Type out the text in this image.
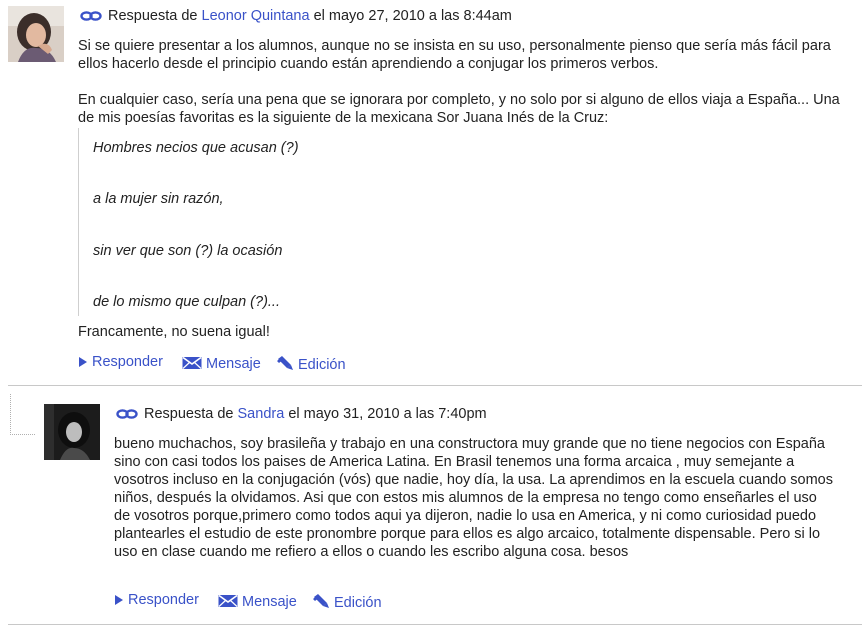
Respuesta de Leonor Quintana el mayo 27, 2010 a las 8:44am
Si se quiere presentar a los alumnos, aunque no se insista en su uso, personalmente pienso que sería más fácil para ellos hacerlo desde el principio cuando están aprendiendo a conjugar los primeros verbos.
En cualquier caso, sería una pena que se ignorara por completo, y no solo por si alguno de ellos viaja a España... Una de mis poesías favoritas es la siguiente de la mexicana Sor Juana Inés de la Cruz:
Hombres necios que acusan (?)
a la mujer sin razón,
sin ver que son (?) la ocasión
de lo mismo que culpan (?)...
Francamente, no suena igual!
Responder	Mensaje	Edición
Respuesta de Sandra el mayo 31, 2010 a las 7:40pm
bueno muchachos, soy brasileña y trabajo en una constructora muy grande que no tiene negocios con España sino con casi todos los paises de America Latina. En Brasil tenemos una forma arcaica , muy semejante a vosotros incluso en la conjugación (vós) que nadie, hoy día, la usa. La aprendimos en la escuela cuando somos niños, después la olvidamos. Asi que con estos mis alumnos de la empresa no tengo como enseñarles el uso de vosotros porque,primero como todos aqui ya dijeron, nadie lo usa en America, y ni como curiosidad puedo plantearles el estudio de este pronombre porque para ellos es algo arcaico, totalmente dispensable. Pero si lo uso en clase cuando me refiero a ellos o cuando les escribo alguna cosa. besos
Responder	Mensaje	Edición
